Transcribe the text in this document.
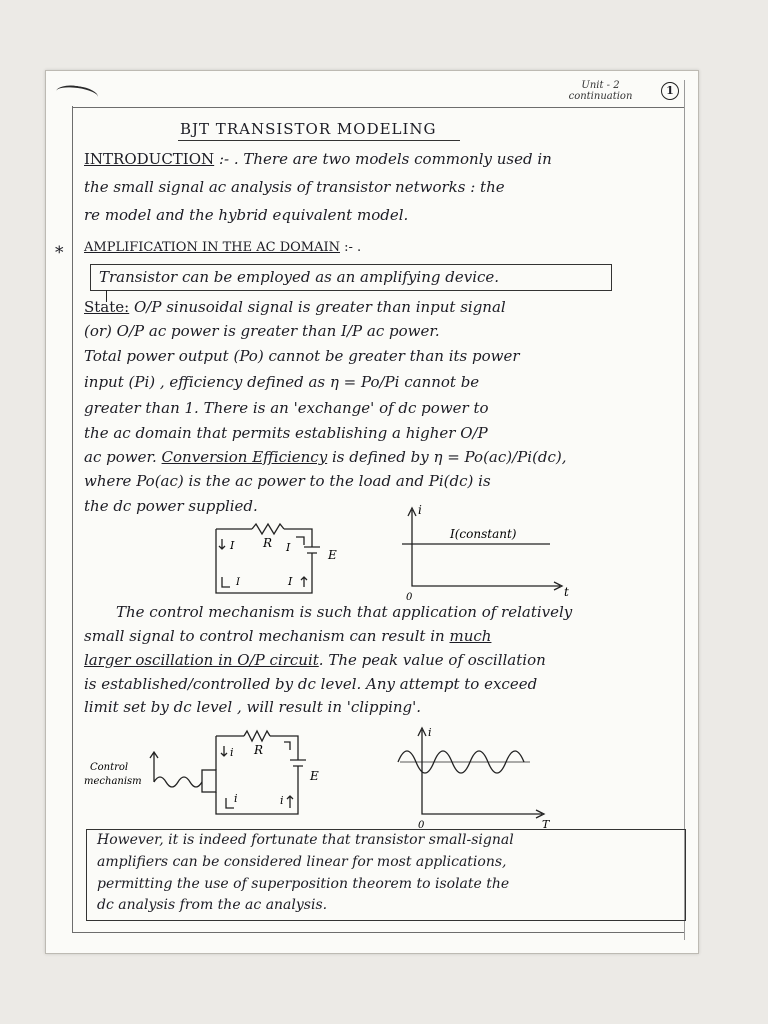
Unit - 2
continuation	1
BJT TRANSISTOR MODELING
INTRODUCTION :- . There are two models commonly used in
the small signal ac analysis of transistor networks : the
re model and the hybrid equivalent model.
* AMPLIFICATION IN THE AC DOMAIN :- .
Transistor can be employed as an amplifying device.
State: O/P sinusoidal signal is greater than input signal
(or) O/P ac power is greater than I/P ac power.
Total power output (Po) cannot be greater than its power
input (Pi) , efficiency defined as η = Po/Pi cannot be
greater than 1. There is an 'exchange' of dc power to
the ac domain that permits establishing a higher O/P
ac power. Conversion Efficiency is defined by η = Po(ac)/Pi(dc),
where Po(ac) is the ac power to the load and Pi(dc) is
the dc power supplied.
R
E
I	I
I	I
i
t
0
I(constant)
The control mechanism is such that application of relatively
small signal to control mechanism can result in much
larger oscillation in O/P circuit. The peak value of oscillation
is established/controlled by dc level. Any attempt to exceed
limit set by dc level , will result in 'clipping'.
Control
mechanism
R
E
i
i	i
i
T
0
However, it is indeed fortunate that transistor small-signal
amplifiers can be considered linear for most applications,
permitting the use of superposition theorem to isolate the
dc analysis from the ac analysis.
